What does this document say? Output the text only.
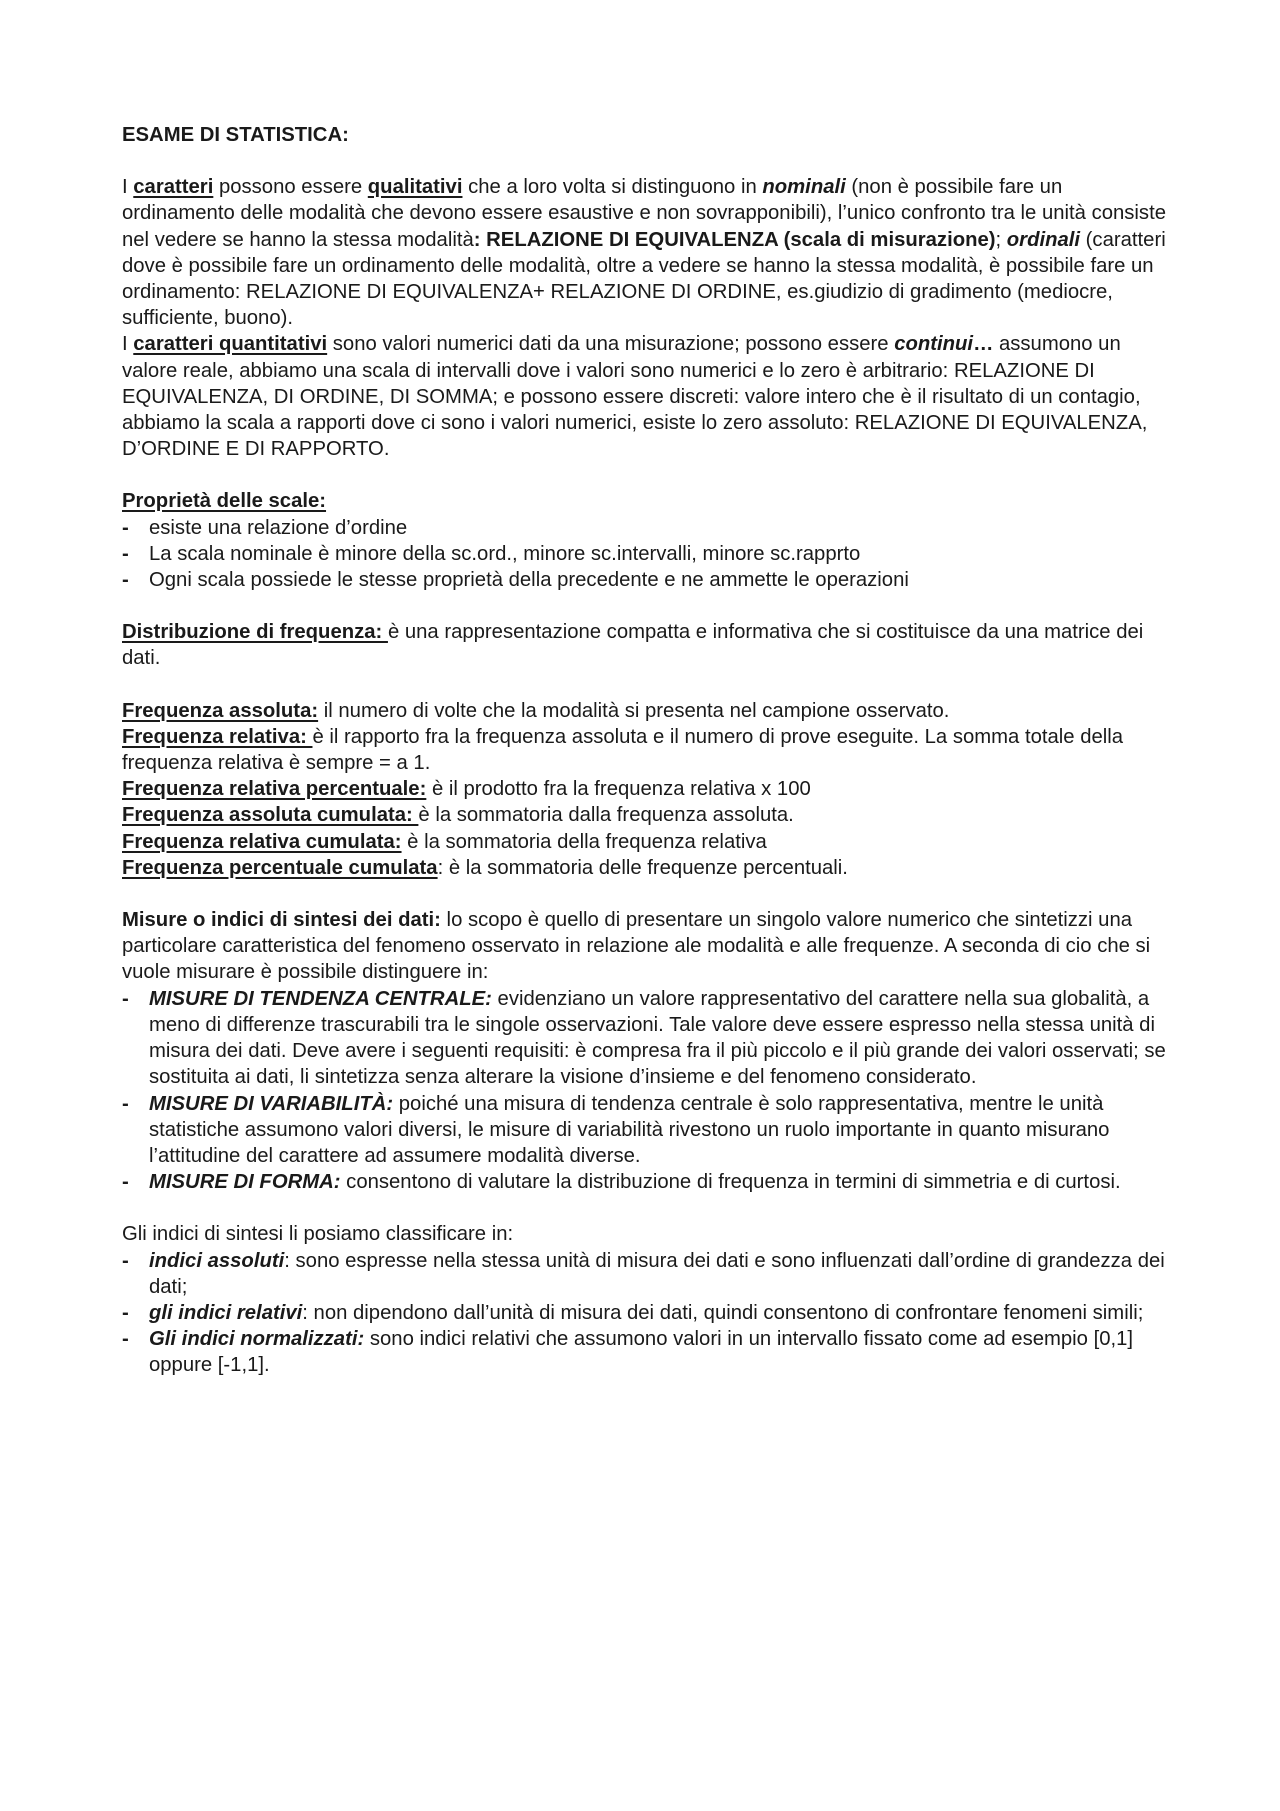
ESAME DI STATISTICA:

I caratteri possono essere qualitativi che a loro volta si distinguono in nominali (non è possibile fare un ordinamento delle modalità che devono essere esaustive e non sovrapponibili), l’unico confronto tra le unità consiste nel vedere se hanno la stessa modalità: RELAZIONE DI EQUIVALENZA (scala di misurazione); ordinali (caratteri dove è possibile fare un ordinamento delle modalità, oltre a vedere se hanno la stessa modalità, è possibile fare un ordinamento: RELAZIONE DI EQUIVALENZA+ RELAZIONE DI ORDINE, es.giudizio di gradimento (mediocre, sufficiente, buono).

I caratteri quantitativi sono valori numerici dati da una misurazione; possono essere continui… assumono un valore reale, abbiamo una scala di intervalli dove i valori sono numerici e lo zero è arbitrario: RELAZIONE DI EQUIVALENZA, DI ORDINE, DI SOMMA; e possono essere discreti: valore intero che è il risultato di un contagio, abbiamo la scala a rapporti dove ci sono i valori numerici, esiste lo zero assoluto: RELAZIONE DI EQUIVALENZA, D’ORDINE E DI RAPPORTO.

Proprietà delle scale:

- esiste una relazione d’ordine
- La scala nominale è minore della sc.ord., minore sc.intervalli, minore sc.rapprto
- Ogni scala possiede le stesse proprietà della precedente e ne ammette le operazioni

Distribuzione di frequenza: è una rappresentazione compatta e informativa che si costituisce da una matrice dei dati.

Frequenza assoluta: il numero di volte che la modalità si presenta nel campione osservato.

Frequenza relativa: è il rapporto fra la frequenza assoluta e il numero di prove eseguite. La somma totale della frequenza relativa è sempre = a 1.

Frequenza relativa percentuale: è il prodotto fra la frequenza relativa x 100

Frequenza assoluta cumulata: è la sommatoria dalla frequenza assoluta.

Frequenza relativa cumulata: è la sommatoria della frequenza relativa

Frequenza percentuale cumulata: è la sommatoria delle frequenze percentuali.

Misure o indici di sintesi dei dati: lo scopo è quello di presentare un singolo valore numerico che sintetizzi una particolare caratteristica del fenomeno osservato in relazione ale modalità e alle frequenze. A seconda di cio che si vuole misurare è possibile distinguere in:

- MISURE DI TENDENZA CENTRALE: evidenziano un valore rappresentativo del carattere nella sua globalità, a meno di differenze trascurabili tra le singole osservazioni. Tale valore deve essere espresso nella stessa unità di misura dei dati. Deve avere i seguenti requisiti: è compresa fra il più piccolo e il più grande dei valori osservati; se sostituita ai dati, li sintetizza senza alterare la visione d’insieme e del fenomeno considerato.
- MISURE DI VARIABILITÀ: poiché una misura di tendenza centrale è solo rappresentativa, mentre le unità statistiche assumono valori diversi, le misure di variabilità rivestono un ruolo importante in quanto misurano l’attitudine del carattere ad assumere modalità diverse.
- MISURE DI FORMA: consentono di valutare la distribuzione di frequenza in termini di simmetria e di curtosi.

Gli indici di sintesi li posiamo classificare in:

- indici assoluti: sono espresse nella stessa unità di misura dei dati e sono influenzati dall’ordine di grandezza dei dati;
- gli indici relativi: non dipendono dall’unità di misura dei dati, quindi consentono di confrontare fenomeni simili;
- Gli indici normalizzati: sono indici relativi che assumono valori in un intervallo fissato come ad esempio [0,1] oppure [-1,1].
